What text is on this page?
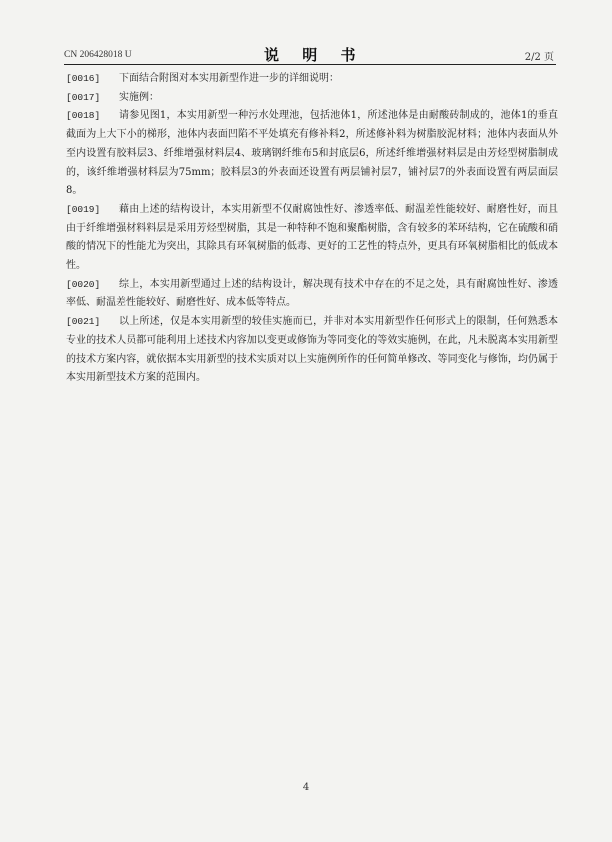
CN 206428018 U	说 明 书	2/2 页
[0016] 下面结合附图对本实用新型作进一步的详细说明：
[0017] 实施例：
[0018]	请参见图1，本实用新型一种污水处理池，包括池体1，所述池体是由耐酸砖制成的，池体1的垂直截面为上大下小的梯形，池体内表面凹陷不平处填充有修补料2，所述修补料为树脂胶泥材料；池体内表面从外至内设置有胶料层3、纤维增强材料层4、玻璃钢纤维布5和封底层6，所述纤维增强材料层是由芳烃型树脂制成的，该纤维增强材料层为75mm；胶料层3的外表面还设置有两层铺衬层7，铺衬层7的外表面设置有两层面层8。
[0019]	藉由上述的结构设计，本实用新型不仅耐腐蚀性好、渗透率低、耐温差性能较好、耐磨性好，而且由于纤维增强材料料层是采用芳烃型树脂，其是一种特种不饱和聚酯树脂，含有较多的苯环结构，它在硫酸和硝酸的情况下的性能尤为突出，其除具有环氧树脂的低毒、更好的工艺性的特点外，更具有环氧树脂相比的低成本性。
[0020]	综上，本实用新型通过上述的结构设计，解决现有技术中存在的不足之处，具有耐腐蚀性好、渗透率低、耐温差性能较好、耐磨性好、成本低等特点。
[0021]	以上所述，仅是本实用新型的较佳实施而已，并非对本实用新型作任何形式上的限制，任何熟悉本专业的技术人员都可能利用上述技术内容加以变更或修饰为等同变化的等效实施例，在此，凡未脱离本实用新型的技术方案内容，就依据本实用新型的技术实质对以上实施例所作的任何简单修改、等同变化与修饰，均仍属于本实用新型技术方案的范围内。
4
